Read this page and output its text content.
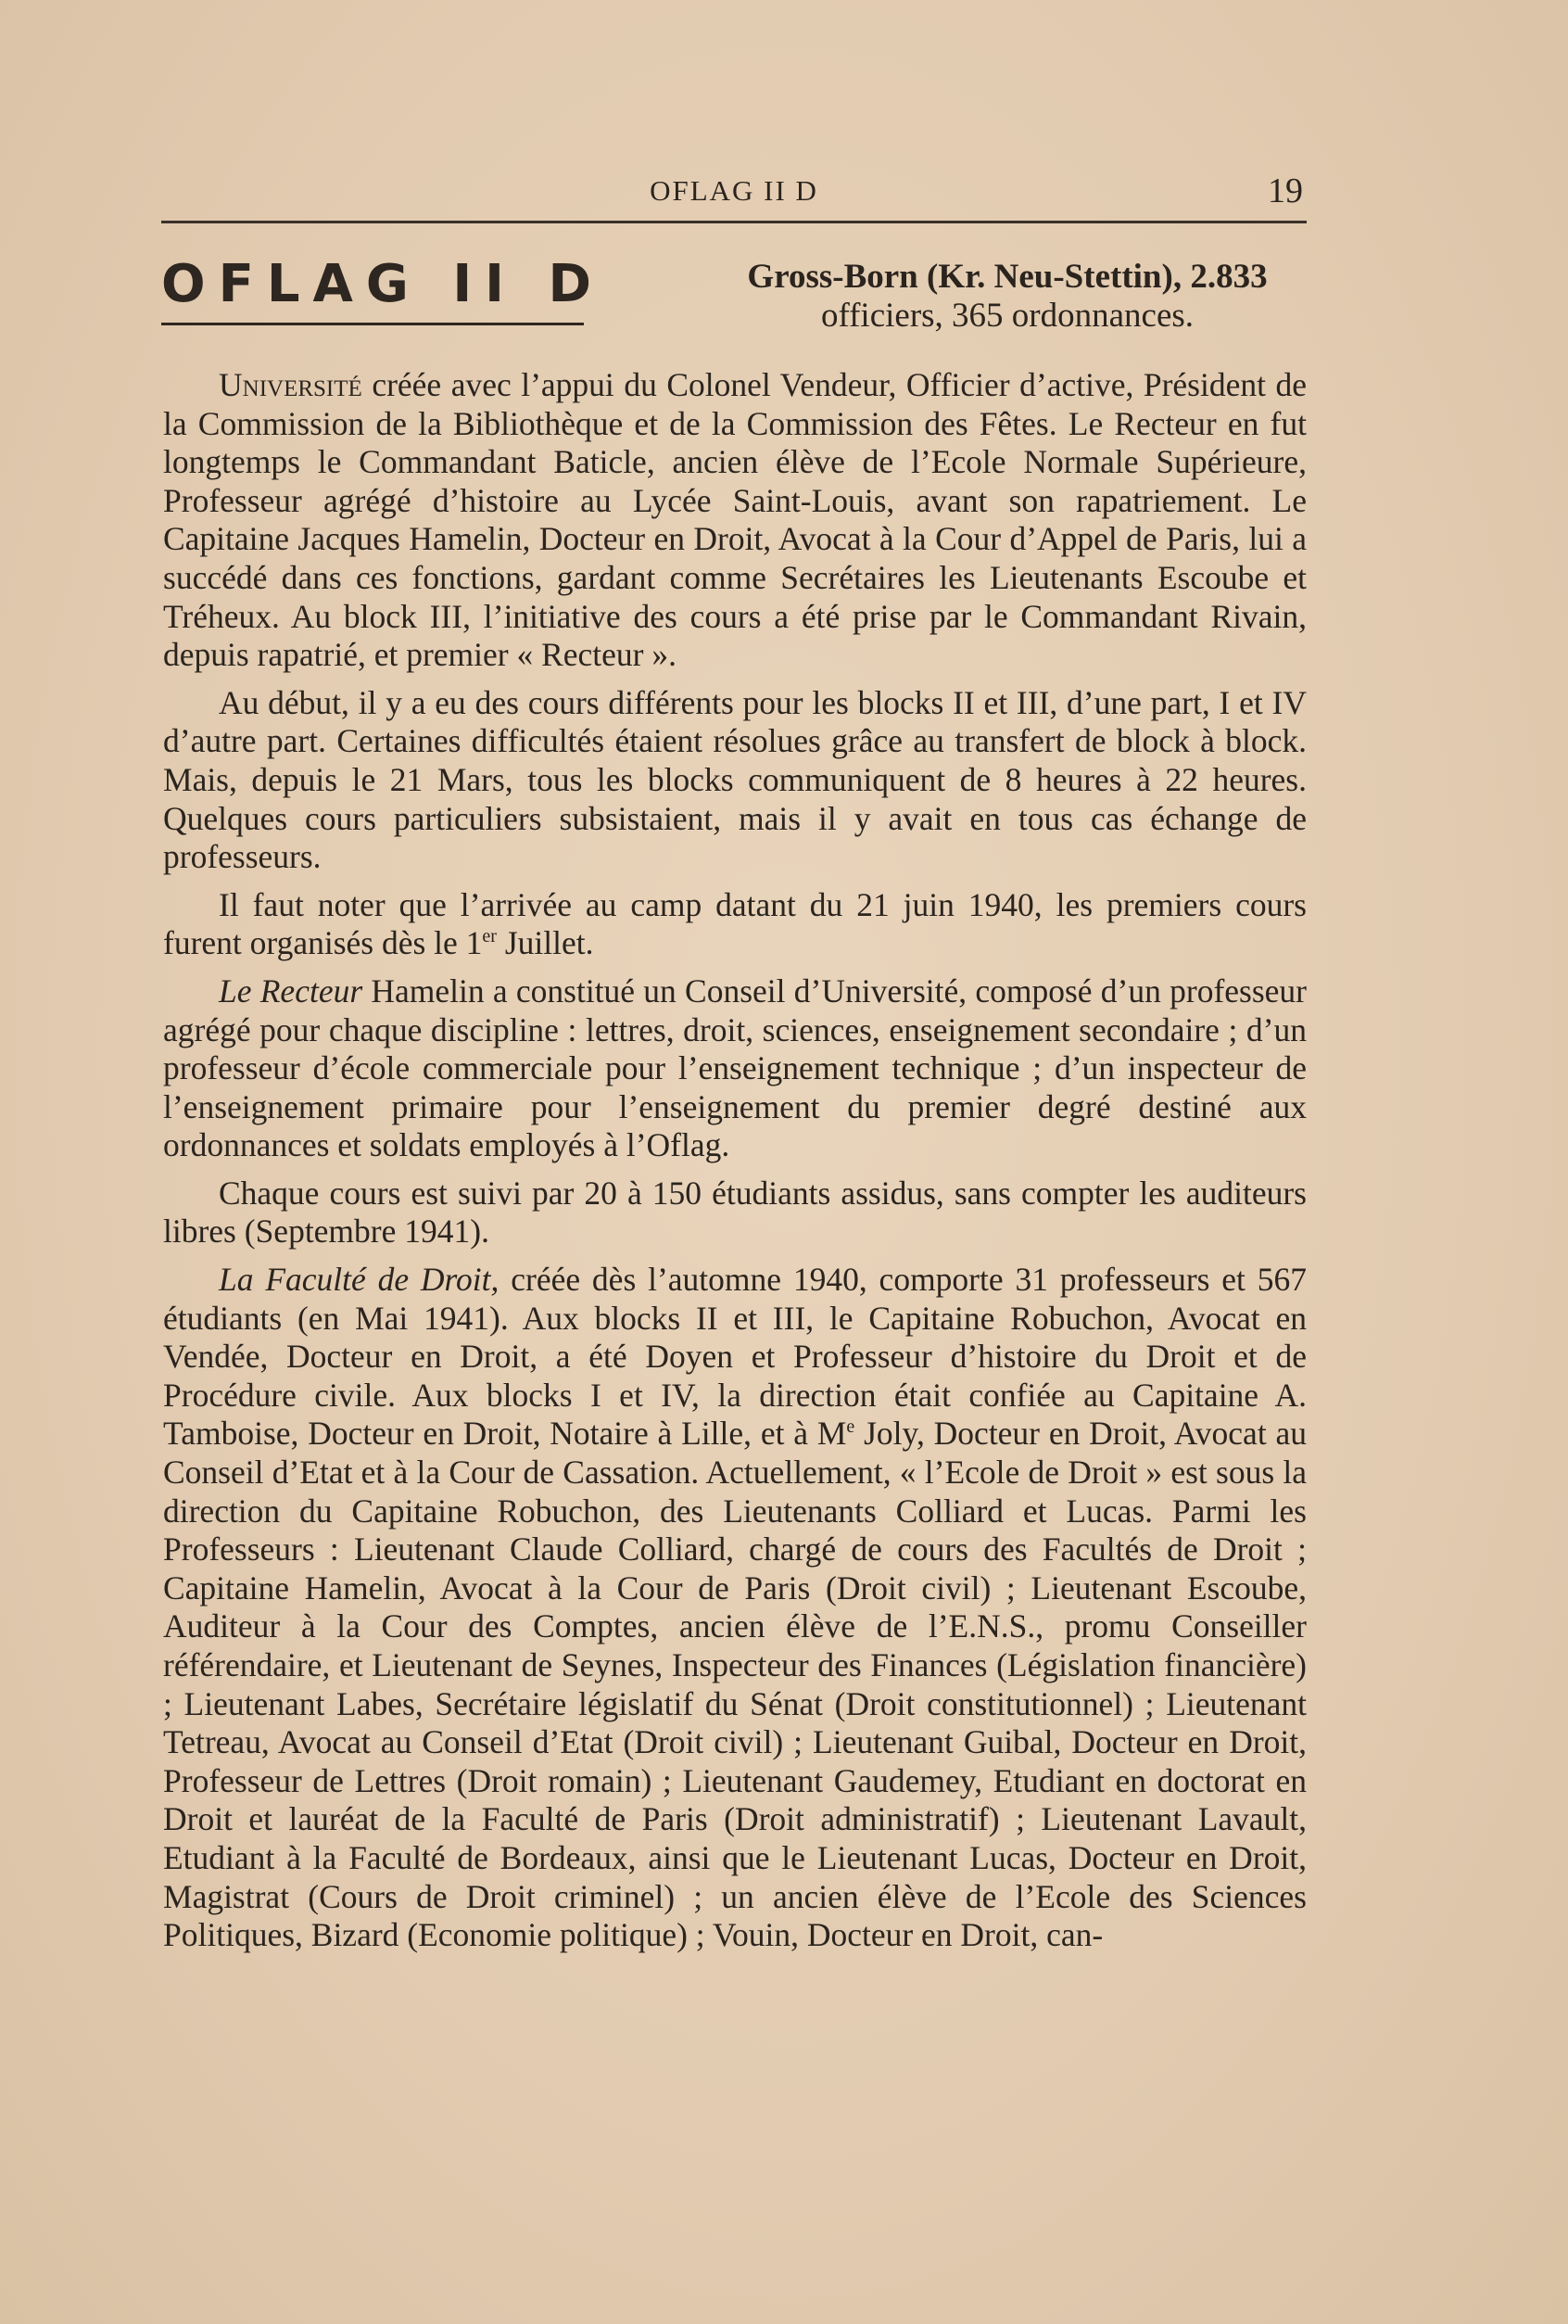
OFLAG II D	19
OFLAG II D	Gross-Born (Kr. Neu-Stettin), 2.833
officiers, 365 ordonnances.

Université créée avec l’appui du Colonel Vendeur, Officier d’active, Président de la Commission de la Bibliothèque et de la Commission des Fêtes. Le Recteur en fut longtemps le Commandant Baticle, ancien élève de l’Ecole Normale Supérieure, Professeur agrégé d’histoire au Lycée Saint-Louis, avant son rapatriement. Le Capitaine Jacques Hamelin, Docteur en Droit, Avocat à la Cour d’Appel de Paris, lui a succédé dans ces fonctions, gardant comme Secrétaires les Lieutenants Escoube et Tréheux. Au block III, l’initiative des cours a été prise par le Commandant Rivain, depuis rapatrié, et premier « Recteur ».

Au début, il y a eu des cours différents pour les blocks II et III, d’une part, I et IV d’autre part. Certaines difficultés étaient résolues grâce au transfert de block à block. Mais, depuis le 21 Mars, tous les blocks communiquent de 8 heures à 22 heures. Quelques cours particuliers subsistaient, mais il y avait en tous cas échange de professeurs.

Il faut noter que l’arrivée au camp datant du 21 juin 1940, les premiers cours furent organisés dès le 1er Juillet.

Le Recteur Hamelin a constitué un Conseil d’Université, composé d’un professeur agrégé pour chaque discipline : lettres, droit, sciences, enseignement secondaire ; d’un professeur d’école commerciale pour l’enseignement technique ; d’un inspecteur de l’enseignement primaire pour l’enseignement du premier degré destiné aux ordonnances et soldats employés à l’Oflag.

Chaque cours est suivi par 20 à 150 étudiants assidus, sans compter les auditeurs libres (Septembre 1941).

La Faculté de Droit, créée dès l’automne 1940, comporte 31 professeurs et 567 étudiants (en Mai 1941). Aux blocks II et III, le Capitaine Robuchon, Avocat en Vendée, Docteur en Droit, a été Doyen et Professeur d’histoire du Droit et de Procédure civile. Aux blocks I et IV, la direction était confiée au Capitaine A. Tamboise, Docteur en Droit, Notaire à Lille, et à Me Joly, Docteur en Droit, Avocat au Conseil d’Etat et à la Cour de Cassation. Actuellement, « l’Ecole de Droit » est sous la direction du Capitaine Robuchon, des Lieutenants Colliard et Lucas. Parmi les Professeurs : Lieutenant Claude Colliard, chargé de cours des Facultés de Droit ; Capitaine Hamelin, Avocat à la Cour de Paris (Droit civil) ; Lieutenant Escoube, Auditeur à la Cour des Comptes, ancien élève de l’E.N.S., promu Conseiller référendaire, et Lieutenant de Seynes, Inspecteur des Finances (Législation financière) ; Lieutenant Labes, Secrétaire législatif du Sénat (Droit constitutionnel) ; Lieutenant Tetreau, Avocat au Conseil d’Etat (Droit civil) ; Lieutenant Guibal, Docteur en Droit, Professeur de Lettres (Droit romain) ; Lieutenant Gaudemey, Etudiant en doctorat en Droit et lauréat de la Faculté de Paris (Droit administratif) ; Lieutenant Lavault, Etudiant à la Faculté de Bordeaux, ainsi que le Lieutenant Lucas, Docteur en Droit, Magistrat (Cours de Droit criminel) ; un ancien élève de l’Ecole des Sciences Politiques, Bizard (Economie politique) ; Vouin, Docteur en Droit, can-
